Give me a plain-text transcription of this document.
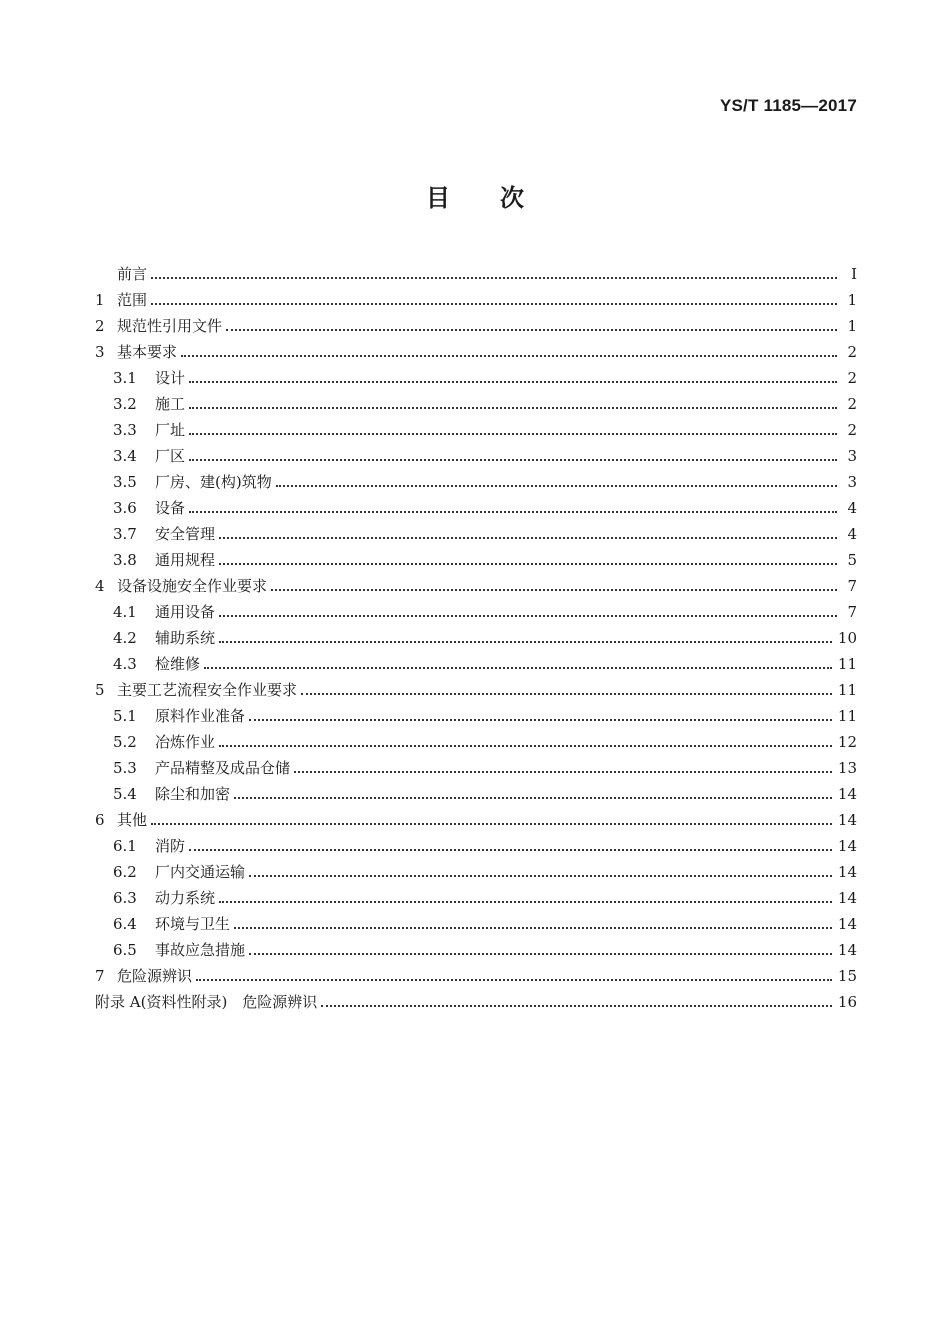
YS/T 1185—2017
目次
前言	I
1 范围	1
2 规范性引用文件	1
3 基本要求	2
3.1	设计	2
3.2	施工	2
3.3	厂址	2
3.4	厂区	3
3.5	厂房、建(构)筑物	3
3.6	设备	4
3.7	安全管理	4
3.8	通用规程	5
4 设备设施安全作业要求	7
4.1	通用设备	7
4.2	辅助系统	10
4.3	检维修	11
5 主要工艺流程安全作业要求	11
5.1	原料作业准备	11
5.2	冶炼作业	12
5.3	产品精整及成品仓储	13
5.4	除尘和加密	14
6 其他	14
6.1	消防	14
6.2	厂内交通运输	14
6.3	动力系统	14
6.4	环境与卫生	14
6.5	事故应急措施	14
7 危险源辨识	15
附录 A(资料性附录)　危险源辨识	16
